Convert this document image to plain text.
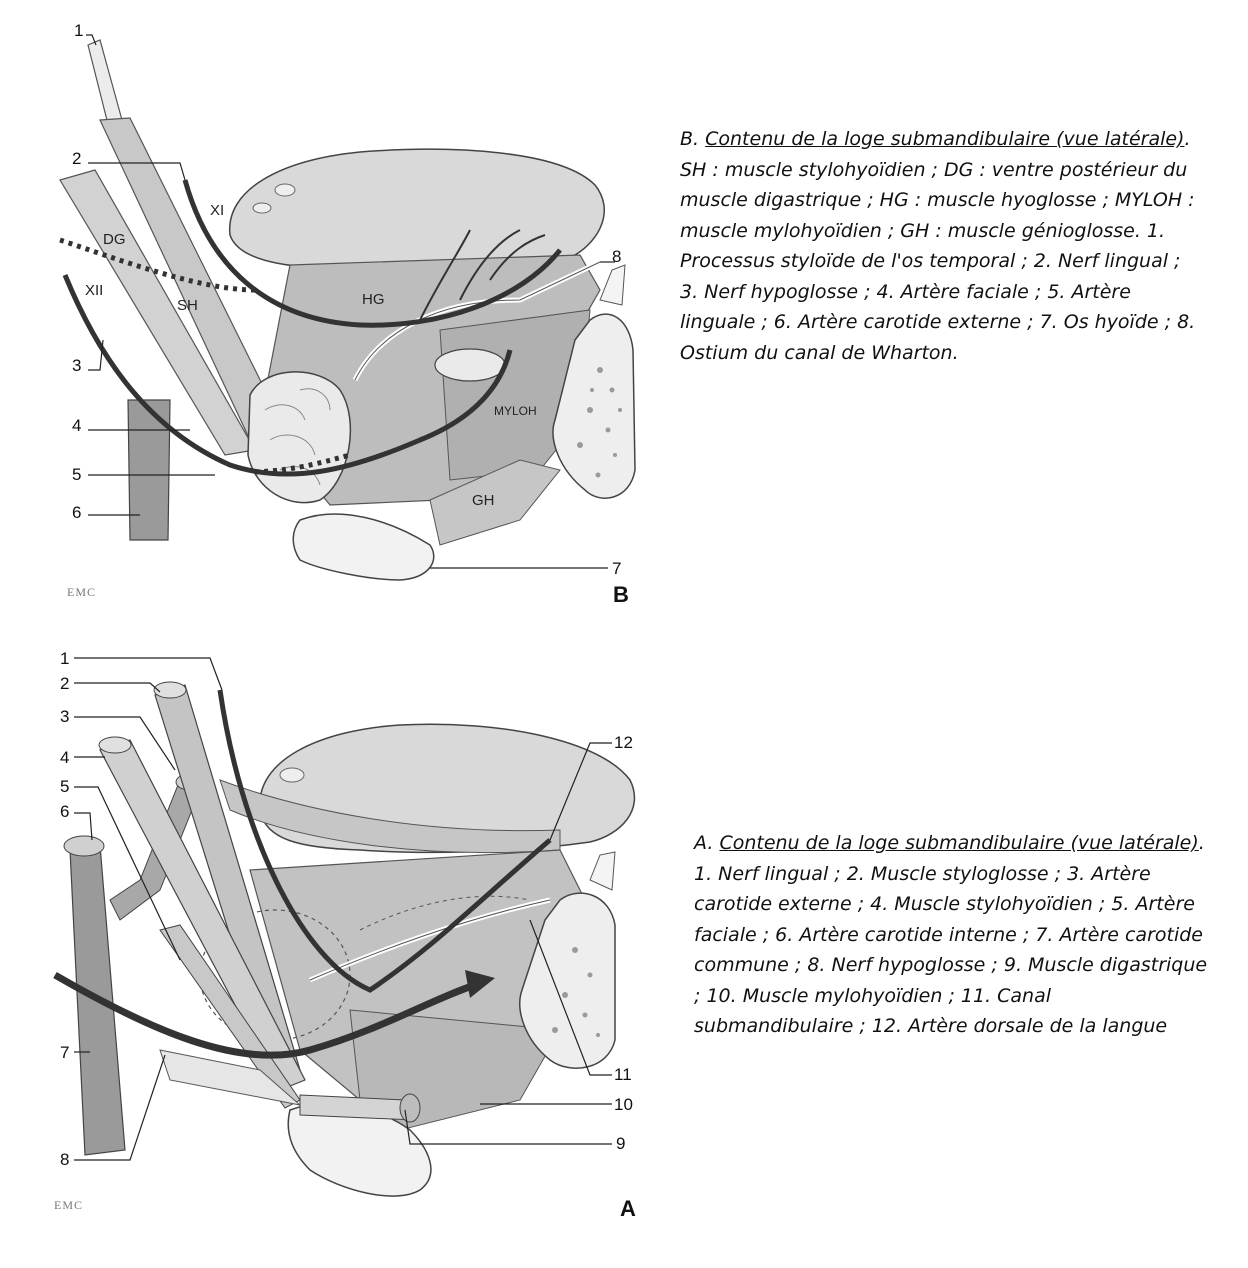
1
2
3
4
5
6
7
8
XI
DG
XII
SH	HG
MYLOH
GH
EMC	B
B. Contenu de la loge submandibulaire (vue latérale). SH : muscle stylohyoïdien ; DG : ventre postérieur du muscle digastrique ; HG : muscle hyoglosse ; MYLOH : muscle mylohyoïdien ; GH : muscle génioglosse. 1. Processus styloïde de l'os temporal ; 2. Nerf lingual ; 3. Nerf hypoglosse ; 4. Artère faciale ; 5. Artère linguale ; 6. Artère carotide externe ; 7. Os hyoïde ; 8. Ostium du canal de Wharton.
1
2
3
4
5
6
7
8
9
10
11
12
EMC	A
A. Contenu de la loge submandibulaire (vue latérale). 1. Nerf lingual ; 2. Muscle styloglosse ; 3. Artère carotide externe ; 4. Muscle stylohyoïdien ; 5. Artère faciale ; 6. Artère carotide interne ; 7. Artère carotide commune ; 8. Nerf hypoglosse ; 9. Muscle digastrique ; 10. Muscle mylohyoïdien ; 11. Canal submandibulaire ; 12. Artère dorsale de la langue
